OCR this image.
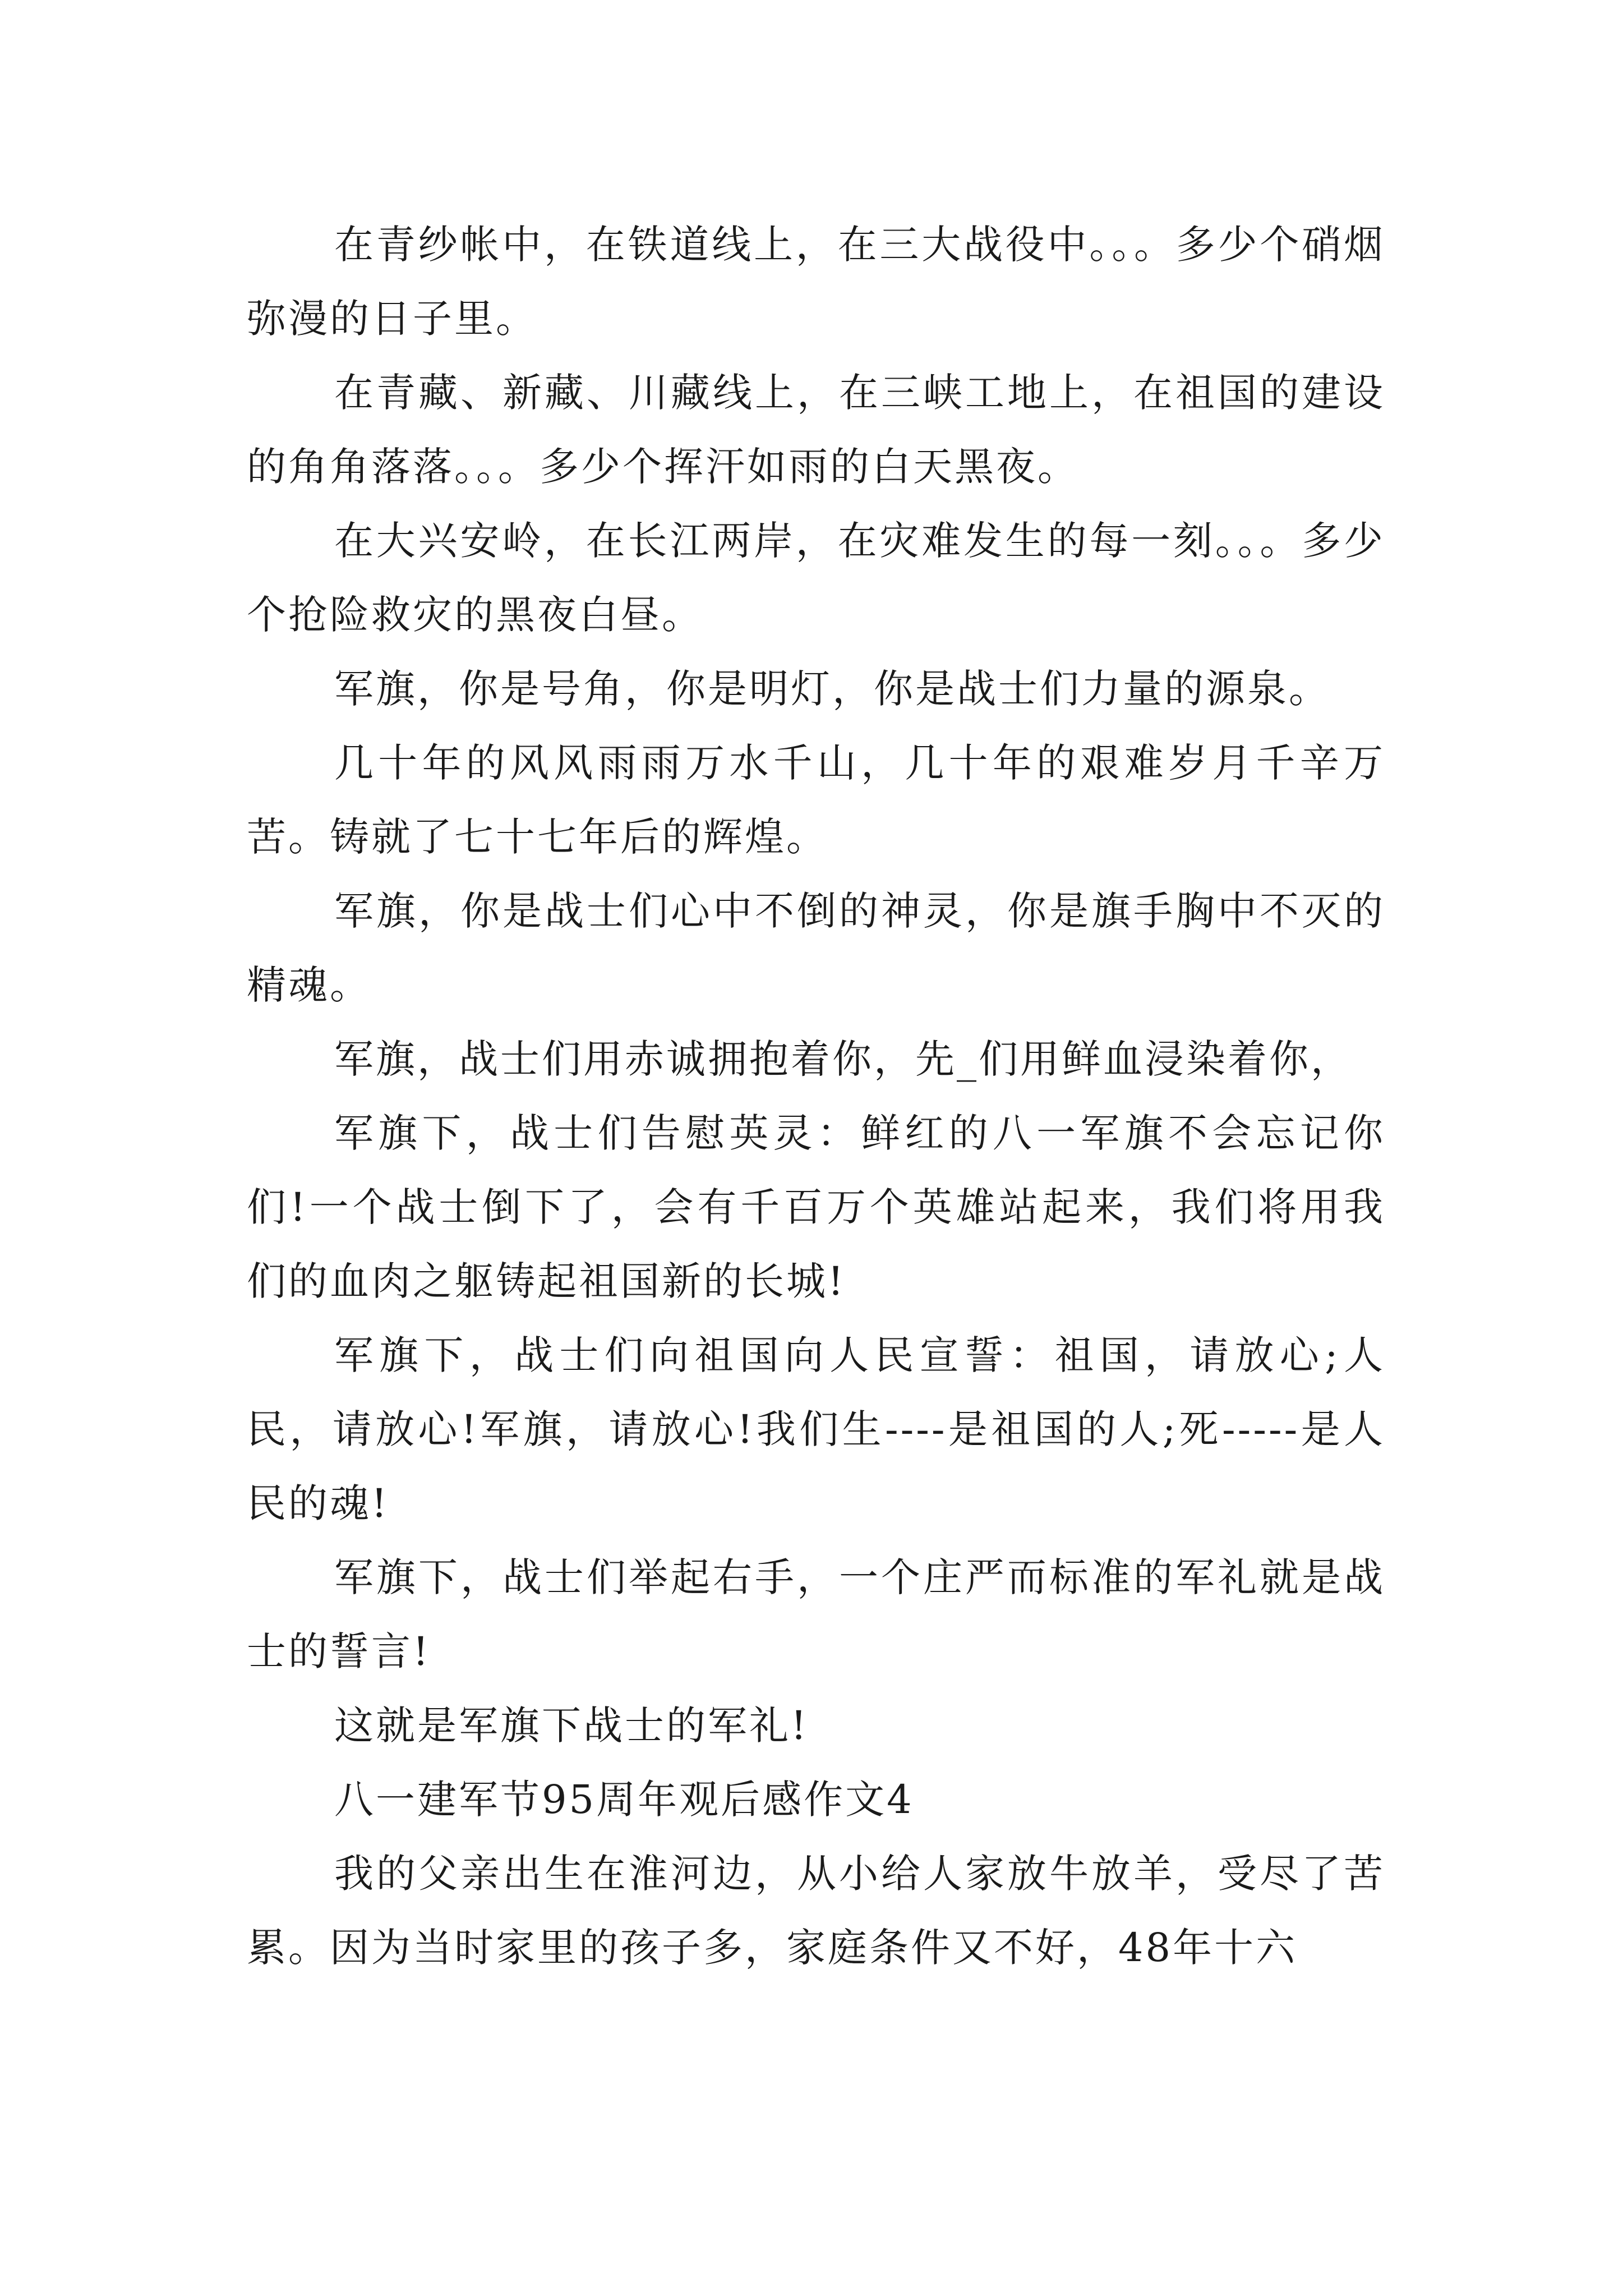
在青纱帐中，在铁道线上，在三大战役中。。。多少个硝烟弥漫的日子里。

在青藏、新藏、川藏线上，在三峡工地上，在祖国的建设的角角落落。。。多少个挥汗如雨的白天黑夜。

在大兴安岭，在长江两岸，在灾难发生的每一刻。。。多少个抢险救灾的黑夜白昼。

军旗，你是号角，你是明灯，你是战士们力量的源泉。

几十年的风风雨雨万水千山，几十年的艰难岁月千辛万苦。铸就了七十七年后的辉煌。

军旗，你是战士们心中不倒的神灵，你是旗手胸中不灭的精魂。

军旗，战士们用赤诚拥抱着你，先_们用鲜血浸染着你，

军旗下，战士们告慰英灵：鲜红的八一军旗不会忘记你们!一个战士倒下了，会有千百万个英雄站起来，我们将用我们的血肉之躯铸起祖国新的长城!

军旗下，战士们向祖国向人民宣誓：祖国，请放心;人民，请放心!军旗，请放心!我们生----是祖国的人;死-----是人民的魂!

军旗下，战士们举起右手，一个庄严而标准的军礼就是战士的誓言!

这就是军旗下战士的军礼!

八一建军节95周年观后感作文4

我的父亲出生在淮河边，从小给人家放牛放羊，受尽了苦累。因为当时家里的孩子多，家庭条件又不好，48年十六
